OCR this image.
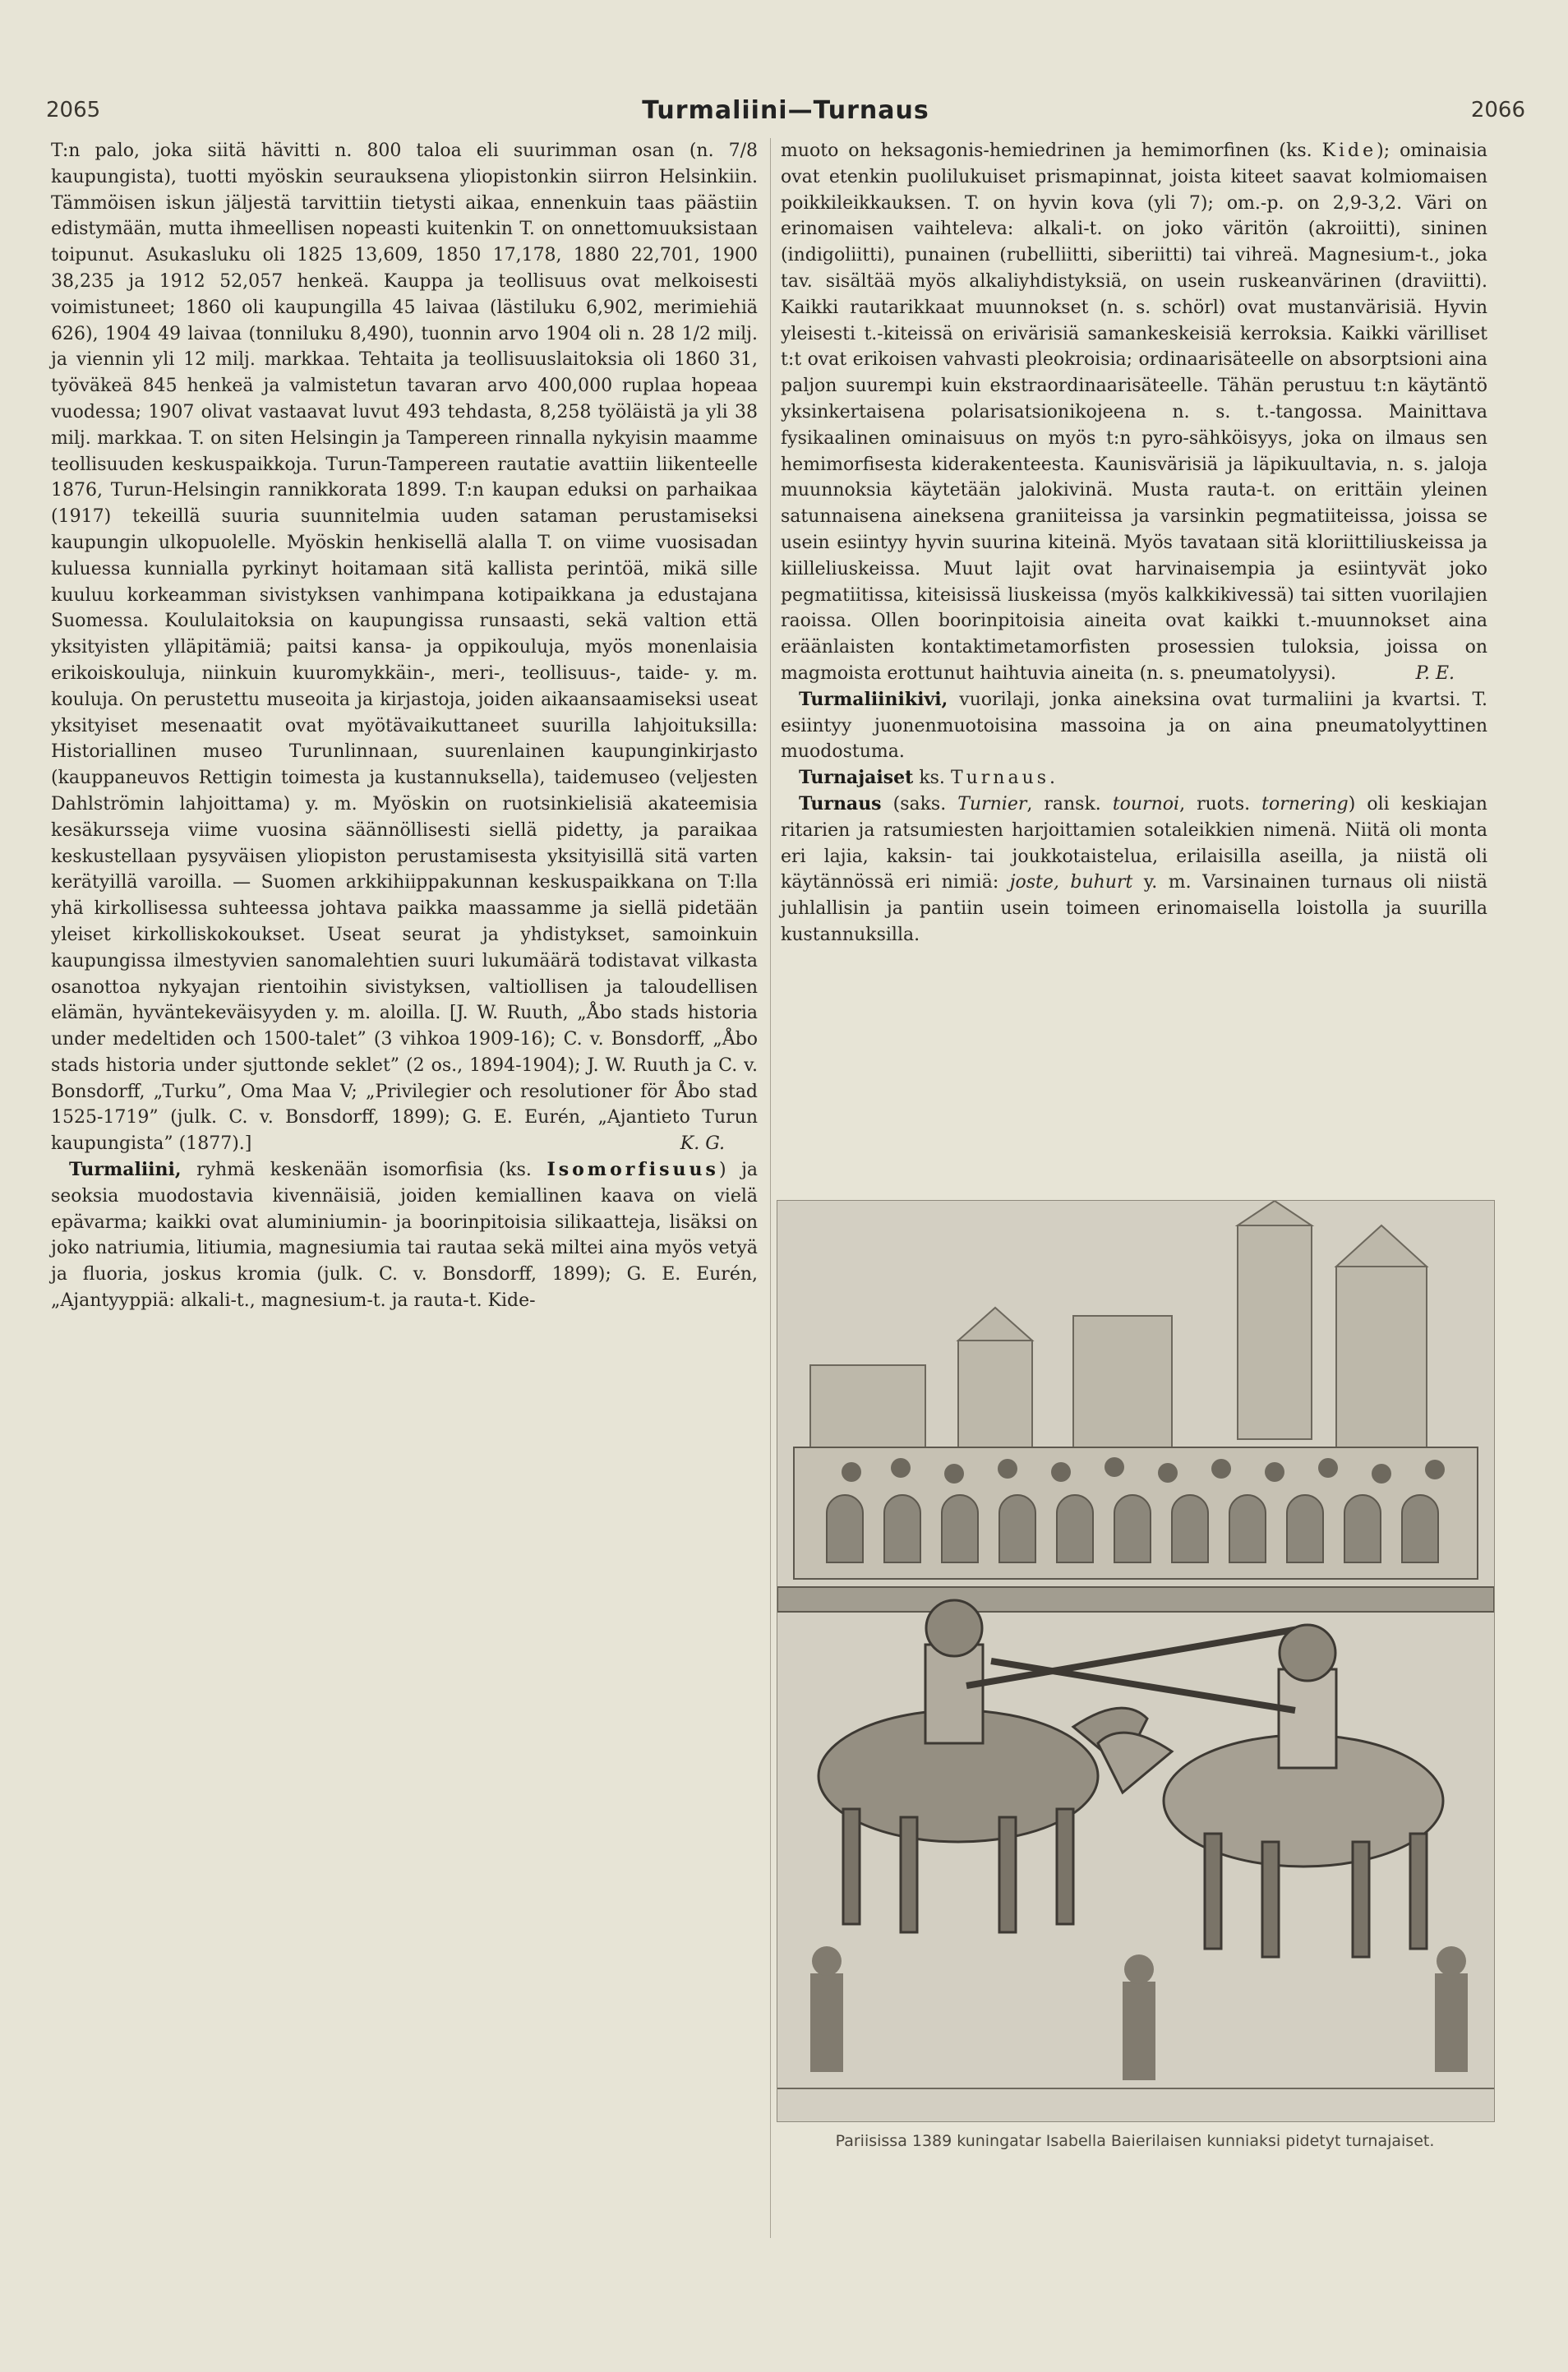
2065	Turmaliini—Turnaus	2066

T:n palo, joka siitä hävitti n. 800 taloa eli suurimman osan (n. 7/8 kaupungista), tuotti myöskin seurauksena yliopistonkin siirron Helsinkiin. Tämmöisen iskun jäljestä tarvittiin tietysti aikaa, ennenkuin taas päästiin edistymään, mutta ihmeellisen nopeasti kuitenkin T. on onnettomuuksistaan toipunut. Asukasluku oli 1825 13,609, 1850 17,178, 1880 22,701, 1900 38,235 ja 1912 52,057 henkeä. Kauppa ja teollisuus ovat melkoisesti voimistuneet; 1860 oli kaupungilla 45 laivaa (lästiluku 6,902, merimiehiä 626), 1904 49 laivaa (tonniluku 8,490), tuonnin arvo 1904 oli n. 28 1/2 milj. ja viennin yli 12 milj. markkaa. Tehtaita ja teollisuuslaitoksia oli 1860 31, työväkeä 845 henkeä ja valmistetun tavaran arvo 400,000 ruplaa hopeaa vuodessa; 1907 olivat vastaavat luvut 493 tehdasta, 8,258 työläistä ja yli 38 milj. markkaa. T. on siten Helsingin ja Tampereen rinnalla nykyisin maamme teollisuuden keskuspaikkoja. Turun-Tampereen rautatie avattiin liikenteelle 1876, Turun-Helsingin rannikkorata 1899. T:n kaupan eduksi on parhaikaa (1917) tekeillä suuria suunnitelmia uuden sataman perustamiseksi kaupungin ulkopuolelle. Myöskin henkisellä alalla T. on viime vuosisadan kuluessa kunnialla pyrkinyt hoitamaan sitä kallista perintöä, mikä sille kuuluu korkeamman sivistyksen vanhimpana kotipaikkana ja edustajana Suomessa. Koululaitoksia on kaupungissa runsaasti, sekä valtion että yksityisten ylläpitämiä; paitsi kansa- ja oppikouluja, myös monenlaisia erikoiskouluja, niinkuin kuuromykkäin-, meri-, teollisuus-, taide- y. m. kouluja. On perustettu museoita ja kirjastoja, joiden aikaansaamiseksi useat yksityiset mesenaatit ovat myötävaikuttaneet suurilla lahjoituksilla: Historiallinen museo Turunlinnaan, suurenlainen kaupunginkirjasto (kauppaneuvos Rettigin toimesta ja kustannuksella), taidemuseo (veljesten Dahlströmin lahjoittama) y. m. Myöskin on ruotsinkielisiä akateemisia kesäkursseja viime vuosina säännöllisesti siellä pidetty, ja paraikaa keskustellaan pysyväisen yliopiston perustamisesta yksityisillä sitä varten kerätyillä varoilla. — Suomen arkkihiippakunnan keskuspaikkana on T:lla yhä kirkollisessa suhteessa johtava paikka maassamme ja siellä pidetään yleiset kirkolliskokoukset. Useat seurat ja yhdistykset, samoinkuin kaupungissa ilmestyvien sanomalehtien suuri lukumäärä todistavat vilkasta osanottoa nykyajan rientoihin sivistyksen, valtiollisen ja taloudellisen elämän, hyväntekeväisyyden y. m. aloilla. [J. W. Ruuth, „Åbo stads historia under medeltiden och 1500-talet” (3 vihkoa 1909-16); C. v. Bonsdorff, „Åbo stads historia under sjuttonde seklet” (2 os., 1894-1904); J. W. Ruuth ja C. v. Bonsdorff, „Turku”, Oma Maa V; „Privilegier och resolutioner för Åbo stad 1525-1719” (julk. C. v. Bonsdorff, 1899); G. E. Eurén, „Ajantieto Turun kaupungista” (1877).]	K. G.

Turmaliini, ryhmä keskenään isomorfisia (ks. Isomorfisuus) ja seoksia muodostavia kivennäisiä, joiden kemiallinen kaava on vielä epävarma; kaikki ovat aluminiumin- ja boorinpitoisia silikaatteja, lisäksi on joko natriumia, litiumia, magnesiumia tai rautaa sekä miltei aina myös vetyä ja fluoria, joskus kromia (julk. C. v. Bonsdorff, 1899); G. E. Eurén, „Ajantyyppiä: alkali-t., magnesium-t. ja rauta-t. Kide-

muoto on heksagonis-hemiedrinen ja hemimorfinen (ks. Kide); ominaisia ovat etenkin puolilukuiset prismapinnat, joista kiteet saavat kolmiomaisen poikkileikkauksen. T. on hyvin kova (yli 7); om.-p. on 2,9-3,2. Väri on erinomaisen vaihteleva: alkali-t. on joko väritön (akroiitti), sininen (indigoliitti), punainen (rubelliitti, siberiitti) tai vihreä. Magnesium-t., joka tav. sisältää myös alkaliyhdistyksiä, on usein ruskeanvärinen (draviitti). Kaikki rautarikkaat muunnokset (n. s. schörl) ovat mustanvärisiä. Hyvin yleisesti t.-kiteissä on erivärisiä samankeskeisiä kerroksia. Kaikki värilliset t:t ovat erikoisen vahvasti pleokroisia; ordinaarisäteelle on absorptsioni aina paljon suurempi kuin ekstraordinaarisäteelle. Tähän perustuu t:n käytäntö yksinkertaisena polarisatsionikojeena n. s. t.-tangossa. Mainittava fysikaalinen ominaisuus on myös t:n pyro-sähköisyys, joka on ilmaus sen hemimorfisesta kiderakenteesta. Kaunisvärisiä ja läpikuultavia, n. s. jaloja muunnoksia käytetään jalokivinä. Musta rauta-t. on erittäin yleinen satunnaisena aineksena graniiteissa ja varsinkin pegmatiiteissa, joissa se usein esiintyy hyvin suurina kiteinä. Myös tavataan sitä kloriittiliuskeissa ja kiilleliuskeissa. Muut lajit ovat harvinaisempia ja esiintyvät joko pegmatiitissa, kiteisissä liuskeissa (myös kalkkikivessä) tai sitten vuorilajien raoissa. Ollen boorinpitoisia aineita ovat kaikki t.-muunnokset aina eräänlaisten kontaktimetamorfisten prosessien tuloksia, joissa on magmoista erottunut haihtuvia aineita (n. s. pneumatolyysi).	P. E.

Turmaliinikivi, vuorilaji, jonka aineksina ovat turmaliini ja kvartsi. T. esiintyy juonenmuotoisina massoina ja on aina pneumatolyyttinen muodostuma.

Turnajaiset ks. Turnaus.

Turnaus (saks. Turnier, ransk. tournoi, ruots. tornering) oli keskiajan ritarien ja ratsumiesten harjoittamien sotaleikkien nimenä. Niitä oli monta eri lajia, kaksin- tai joukkotaistelua, erilaisilla aseilla, ja niistä oli käytännössä eri nimiä: joste, buhurt y. m. Varsinainen turnaus oli niistä juhlallisin ja pantiin usein toimeen erinomaisella loistolla ja suurilla kustannuksilla.

Pariisissa 1389 kuningatar Isabella Baierilaisen kunniaksi pidetyt turnajaiset.
